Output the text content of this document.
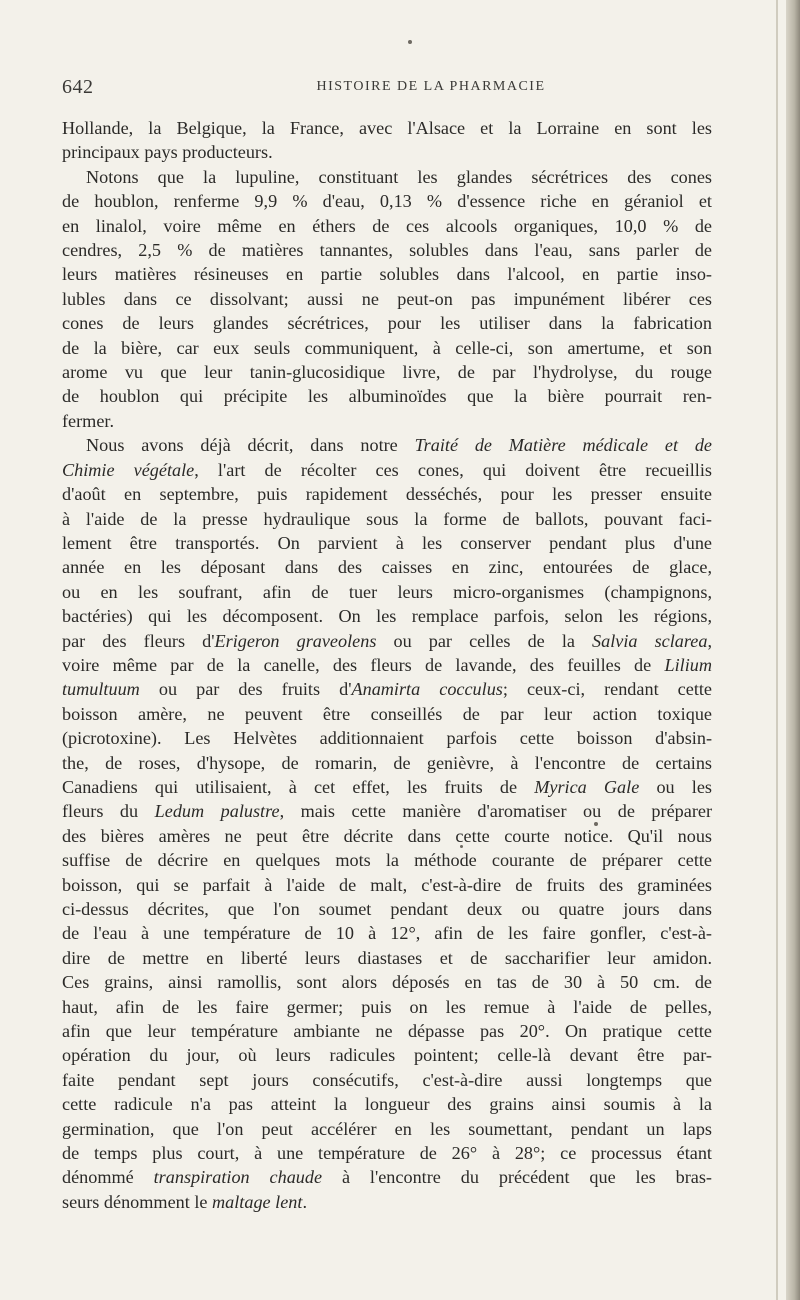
642	HISTOIRE DE LA PHARMACIE

Hollande, la Belgique, la France, avec l'Alsace et la Lorraine en sont les
principaux pays producteurs.

Notons que la lupuline, constituant les glandes sécrétrices des cones
de houblon, renferme 9,9 % d'eau, 0,13 % d'essence riche en géraniol et
en linalol, voire même en éthers de ces alcools organiques, 10,0 % de
cendres, 2,5 % de matières tannantes, solubles dans l'eau, sans parler de
leurs matières résineuses en partie solubles dans l'alcool, en partie inso-
lubles dans ce dissolvant; aussi ne peut-on pas impunément libérer ces
cones de leurs glandes sécrétrices, pour les utiliser dans la fabrication
de la bière, car eux seuls communiquent, à celle-ci, son amertume, et son
arome vu que leur tanin-glucosidique livre, de par l'hydrolyse, du rouge
de houblon qui précipite les albuminoïdes que la bière pourrait ren-
fermer.

Nous avons déjà décrit, dans notre Traité de Matière médicale et de
Chimie végétale, l'art de récolter ces cones, qui doivent être recueillis
d'août en septembre, puis rapidement desséchés, pour les presser ensuite
à l'aide de la presse hydraulique sous la forme de ballots, pouvant faci-
lement être transportés. On parvient à les conserver pendant plus d'une
année en les déposant dans des caisses en zinc, entourées de glace,
ou en les soufrant, afin de tuer leurs micro-organismes (champignons,
bactéries) qui les décomposent. On les remplace parfois, selon les régions,
par des fleurs d'Erigeron graveolens ou par celles de la Salvia sclarea,
voire même par de la canelle, des fleurs de lavande, des feuilles de Lilium
tumultuum ou par des fruits d'Anamirta cocculus; ceux-ci, rendant cette
boisson amère, ne peuvent être conseillés de par leur action toxique
(picrotoxine). Les Helvètes additionnaient parfois cette boisson d'absin-
the, de roses, d'hysope, de romarin, de genièvre, à l'encontre de certains
Canadiens qui utilisaient, à cet effet, les fruits de Myrica Gale ou les
fleurs du Ledum palustre, mais cette manière d'aromatiser ou de préparer
des bières amères ne peut être décrite dans cette courte notice. Qu'il nous
suffise de décrire en quelques mots la méthode courante de préparer cette
boisson, qui se parfait à l'aide de malt, c'est-à-dire de fruits des graminées
ci-dessus décrites, que l'on soumet pendant deux ou quatre jours dans
de l'eau à une température de 10 à 12°, afin de les faire gonfler, c'est-à-
dire de mettre en liberté leurs diastases et de saccharifier leur amidon.
Ces grains, ainsi ramollis, sont alors déposés en tas de 30 à 50 cm. de
haut, afin de les faire germer; puis on les remue à l'aide de pelles,
afin que leur température ambiante ne dépasse pas 20°. On pratique cette
opération du jour, où leurs radicules pointent; celle-là devant être par-
faite pendant sept jours consécutifs, c'est-à-dire aussi longtemps que
cette radicule n'a pas atteint la longueur des grains ainsi soumis à la
germination, que l'on peut accélérer en les soumettant, pendant un laps
de temps plus court, à une température de 26° à 28°; ce processus étant
dénommé transpiration chaude à l'encontre du précédent que les bras-
seurs dénomment le maltage lent.
